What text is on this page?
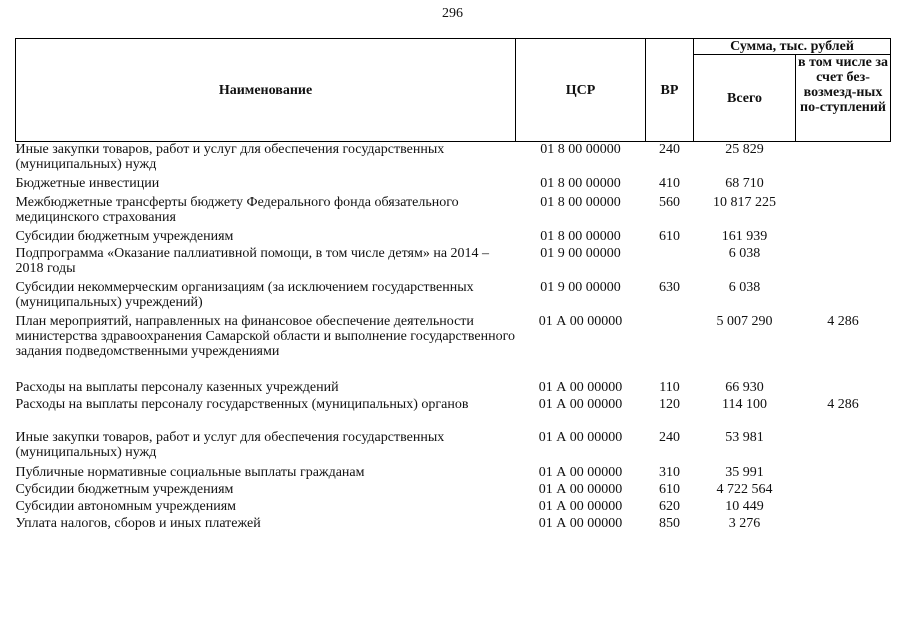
296
Наименование	ЦСР	ВР	Сумма, тыс. рублей	
			Всего	в том числе за счет без-возмезд-ных по-ступлений
Иные закупки товаров, работ и услуг для обеспечения государственных (муниципальных) нужд	01 8 00 00000	240	25 829	
Бюджетные инвестиции	01 8 00 00000	410	68 710	
Межбюджетные трансферты бюджету Федерального фонда обязательного медицинского страхования	01 8 00 00000	560	10 817 225	
Субсидии бюджетным учреждениям	01 8 00 00000	610	161 939	
Подпрограмма «Оказание паллиативной помощи, в том числе детям» на 2014 – 2018 годы	01 9 00 00000		6 038	
Субсидии некоммерческим организациям (за исключением государственных (муниципальных) учреждений)	01 9 00 00000	630	6 038	
План мероприятий, направленных на финансовое обеспечение деятельности министерства здравоохранения Самарской области и выполнение государственного задания подведомственными учреждениями	01 А 00 00000		5 007 290	4 286
Расходы на выплаты персоналу казенных учреждений	01 А 00 00000	110	66 930	
Расходы на выплаты персоналу государственных (муниципальных) органов	01 А 00 00000	120	114 100	4 286
Иные закупки товаров, работ и услуг для обеспечения государственных (муниципальных) нужд	01 А 00 00000	240	53 981	
Публичные нормативные социальные выплаты гражданам	01 А 00 00000	310	35 991	
Субсидии бюджетным учреждениям	01 А 00 00000	610	4 722 564	
Субсидии автономным учреждениям	01 А 00 00000	620	10 449	
Уплата налогов, сборов и иных платежей	01 А 00 00000	850	3 276	
